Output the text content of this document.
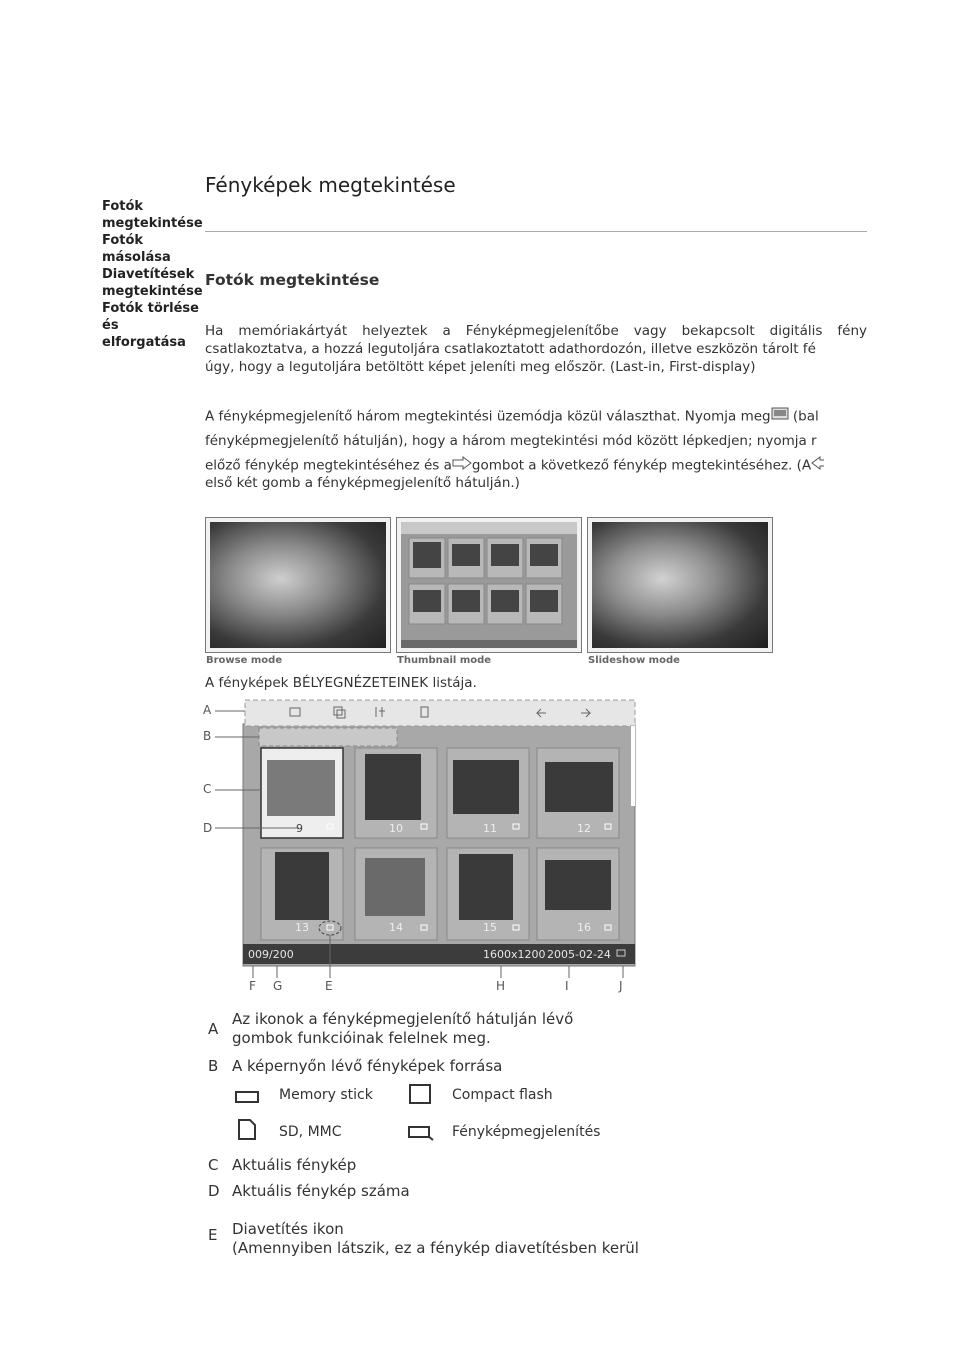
Fotók
megtekintése
Fotók
másolása
Diavetítések
megtekintése
Fotók törlése
és
elforgatása
Fényképek megtekintése
Fotók megtekintése
Ha memóriakártyát helyeztek a Fényképmegjelenítőbe vagy bekapcsolt digitális fény
csatlakoztatva, a hozzá legutoljára csatlakoztatott adathordozón, illetve eszközön tárolt fé
úgy, hogy a legutoljára betöltött képet jeleníti meg először. (Last-in, First-display)
A fényképmegjelenítő három megtekintési üzemódja közül választhat. Nyomja meg (bal
fényképmegjelenítő hátulján), hogy a három megtekintési mód között lépkedjen; nyomja r
előző fénykép megtekintéséhez és a gombot a következő fénykép megtekintéséhez. (A
első két gomb a fényképmegjelenítő hátulján.)
Browse mode	Thumbnail mode	Slideshow mode
A fényképek BÉLYEGNÉZETEINEK listája.
A
B
C
D
F G	E	H	I	J
9	10	11	12
13	14	15	16
009/200	1600x1200 2005-02-24
A
Az ikonok a fényképmegjelenítő hátulján lévő
gombok funkcióinak felelnek meg.
B A képernyőn lévő fényképek forrása
Memory stick	Compact flash
SD, MMC	Fényképmegjelenítés
C Aktuális fénykép
D Aktuális fénykép száma
E Diavetítés ikon
(Amennyiben látszik, ez a fénykép diavetítésben kerül
